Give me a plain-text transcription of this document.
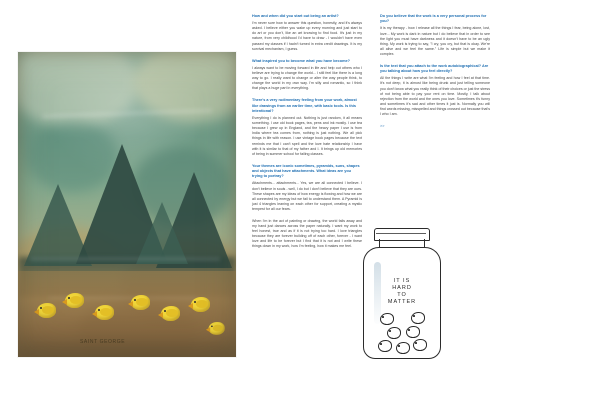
SAINT GEORGE

How and when did you start out being an artist?

I'm never sure how to answer this question, honestly, and it's always asked. I believe either you wake up every morning and just start to do art or you don't, like an art knowing to find food. It's just in my nature, from very childhood I'd have to draw - I wouldn't have even passed my classes if I hadn't turned in extra credit drawings. It is my survival mechanism, I guess.

What inspired you to become what you have become?

I always want to be moving forward in life and help out others who I believe are trying to change the world... I still feel like there is a long way to go. I really want to change or alter the way people think, to change the world in my own way. I'm silly and romantic, so I think that plays a huge part in everything.

There's a very rudimentary feeling from your work, almost like drawings from an earlier time, with basic tools. Is this intentional?

Everything I do is planned out. Nothing is just random, it all means something. I use old book pages, tea, pens and ink mostly. I use tea because I grew up in England, and the heavy paper I use is from India where tea comes from, nothing is just nothing. We all pick things in life with reason. I use vintage book pages because the text reminds me that I can't spell and the love hate relationship I have with it is similar to that of my father and I. It brings up old memories of being in summer school for failing classes.

Your themes are iconic sometimes, pyramids, suns, shapes and objects that have attachments. What ideas are you trying to portray?

Attachments... attachments... Yes, we are all connected I believe. I don't believe in souls - well, I do but I don't believe that they are ours. These shapes are my ideas of how energy is flowing and how we are all connected by energy but we fail to understand them. A Pyramid is just 4 triangles leaning on each other for support, creating a mystic tempest for all our fears.

When I'm in the act of painting or drawing, the world falls away and my hand just dances across the paper naturally. I want my work to feel honest, true and as if it is not trying too hard. I love triangles because they are forever building off of each other, forever - I want love and life to be forever but I find that it is not and I write these things down in my work, how I'm feeling, how it makes me feel.

Do you believe that the work is a very personal process for you?

It is my therapy - how I release all the things I fear, being alone, lost, love... My work is dark in nature but I do believe that in order to see the light you must have darkness and it doesn't have to be an ugly thing. My work is trying to say, "I cry, you cry, but that is okay. We're all alive and we feel the same." Life is simple but we make it complex.

Is the text that you attach to the work autobiographical? Are you talking about how you feel directly?

All the things I write are what I'm feeling and how I feel at that time. It's not deep, it is almost like being drunk and just telling someone you don't know what you really think of their choices or just the stress of not being able to pay your rent on time. Mostly, I talk about rejection from the world and the ones you love. Sometimes it's funny and sometimes it's sad and other times it just is. Normally you will find words missing, misspelled and things crossed out because that's I who I am.

>>

IT IS
HARD
TO
MATTER
